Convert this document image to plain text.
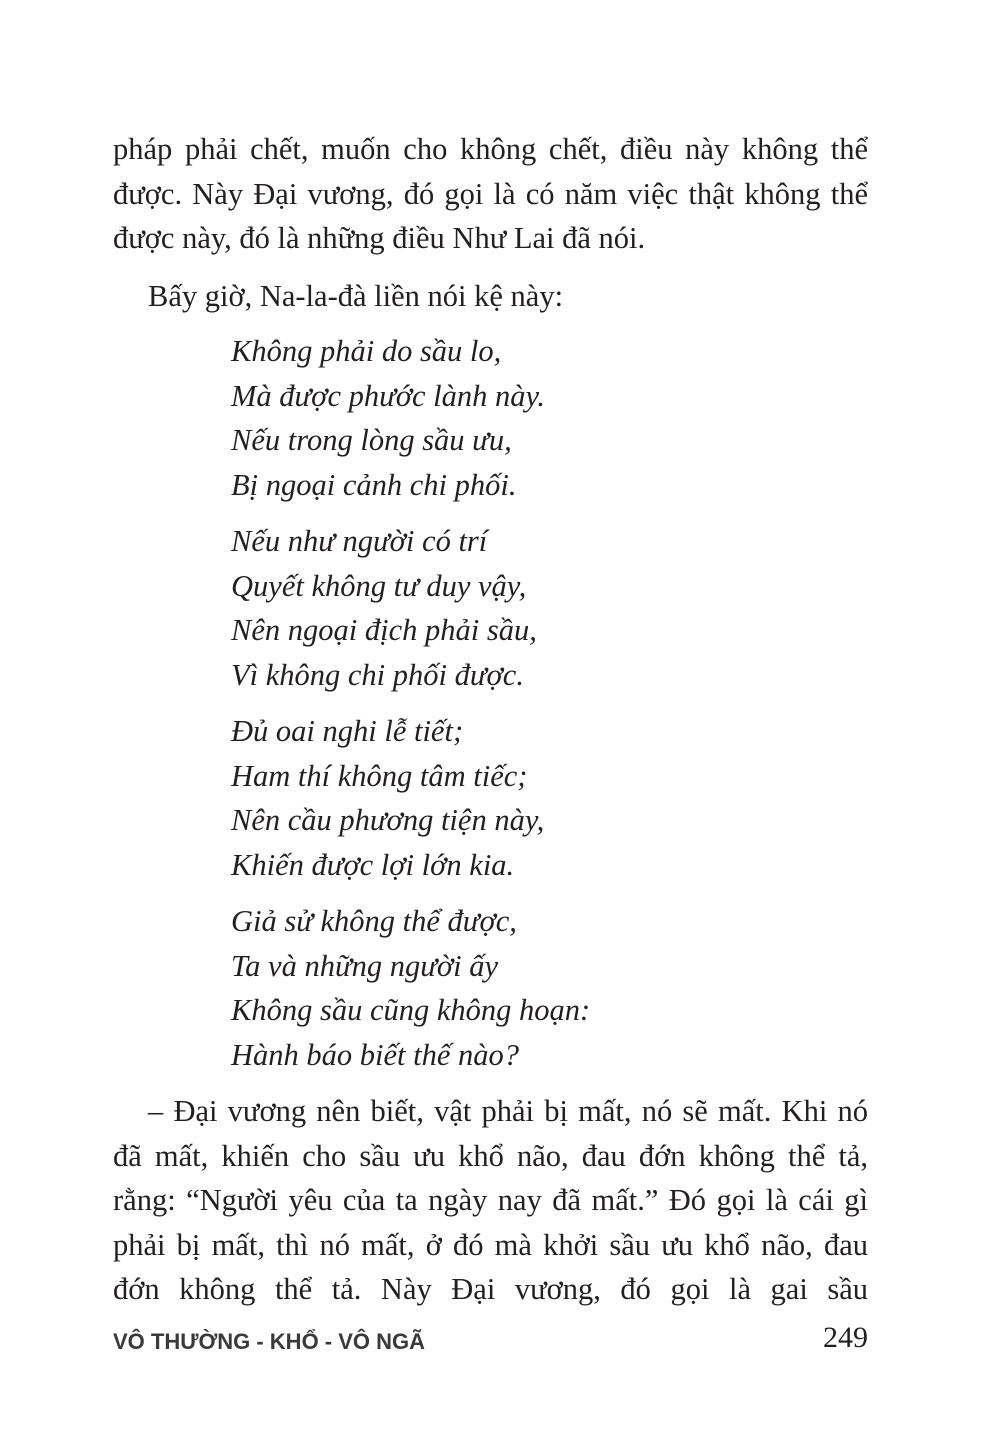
pháp phải chết, muốn cho không chết, điều này không thể được. Này Đại vương, đó gọi là có năm việc thật không thể được này, đó là những điều Như Lai đã nói.

Bấy giờ, Na-la-đà liền nói kệ này:

Không phải do sầu lo,
Mà được phước lành này.
Nếu trong lòng sầu ưu,
Bị ngoại cảnh chi phối.
Nếu như người có trí
Quyết không tư duy vậy,
Nên ngoại địch phải sầu,
Vì không chi phối được.
Đủ oai nghi lễ tiết;
Ham thí không tâm tiếc;
Nên cầu phương tiện này,
Khiến được lợi lớn kia.
Giả sử không thể được,
Ta và những người ấy
Không sầu cũng không hoạn:
Hành báo biết thế nào?

– Đại vương nên biết, vật phải bị mất, nó sẽ mất. Khi nó đã mất, khiến cho sầu ưu khổ não, đau đớn không thể tả, rằng: “Người yêu của ta ngày nay đã mất.” Đó gọi là cái gì phải bị mất, thì nó mất, ở đó mà khởi sầu ưu khổ não, đau đớn không thể tả. Này Đại vương, đó gọi là gai sầu

VÔ THƯỜNG - KHỔ - VÔ NGÃ	249
